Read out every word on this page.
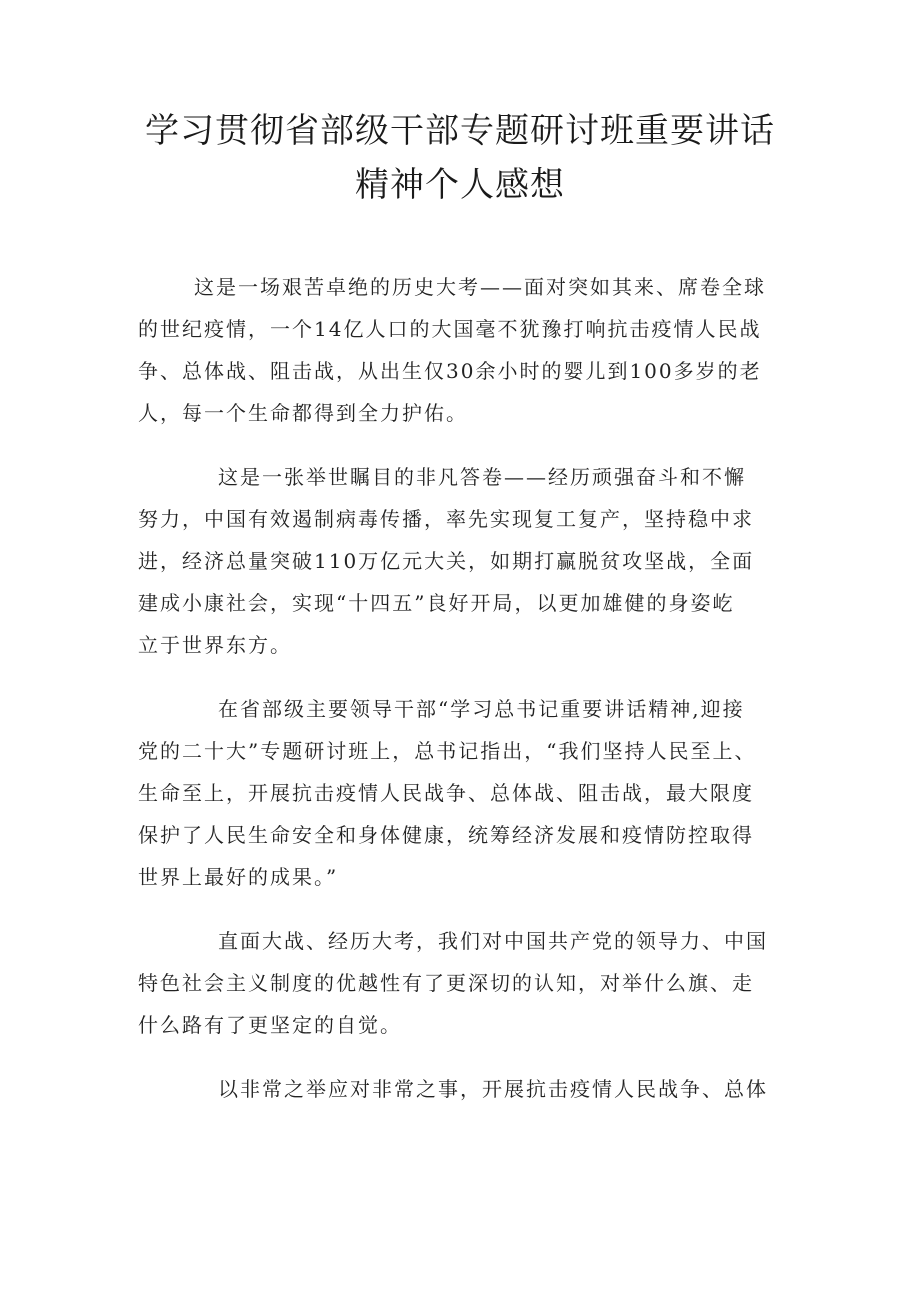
学习贯彻省部级干部专题研讨班重要讲话
精神个人感想
这是一场艰苦卓绝的历史大考——面对突如其来、席卷全球
的世纪疫情，一个14亿人口的大国毫不犹豫打响抗击疫情人民战
争、总体战、阻击战，从出生仅30余小时的婴儿到100多岁的老
人，每一个生命都得到全力护佑。
这是一张举世瞩目的非凡答卷——经历顽强奋斗和不懈
努力，中国有效遏制病毒传播，率先实现复工复产，坚持稳中求
进，经济总量突破110万亿元大关，如期打赢脱贫攻坚战，全面
建成小康社会，实现“十四五”良好开局，以更加雄健的身姿屹
立于世界东方。
在省部级主要领导干部“学习总书记重要讲话精神,迎接
党的二十大”专题研讨班上，总书记指出，“我们坚持人民至上、
生命至上，开展抗击疫情人民战争、总体战、阻击战，最大限度
保护了人民生命安全和身体健康，统筹经济发展和疫情防控取得
世界上最好的成果。”
直面大战、经历大考，我们对中国共产党的领导力、中国
特色社会主义制度的优越性有了更深切的认知，对举什么旗、走
什么路有了更坚定的自觉。
以非常之举应对非常之事，开展抗击疫情人民战争、总体
